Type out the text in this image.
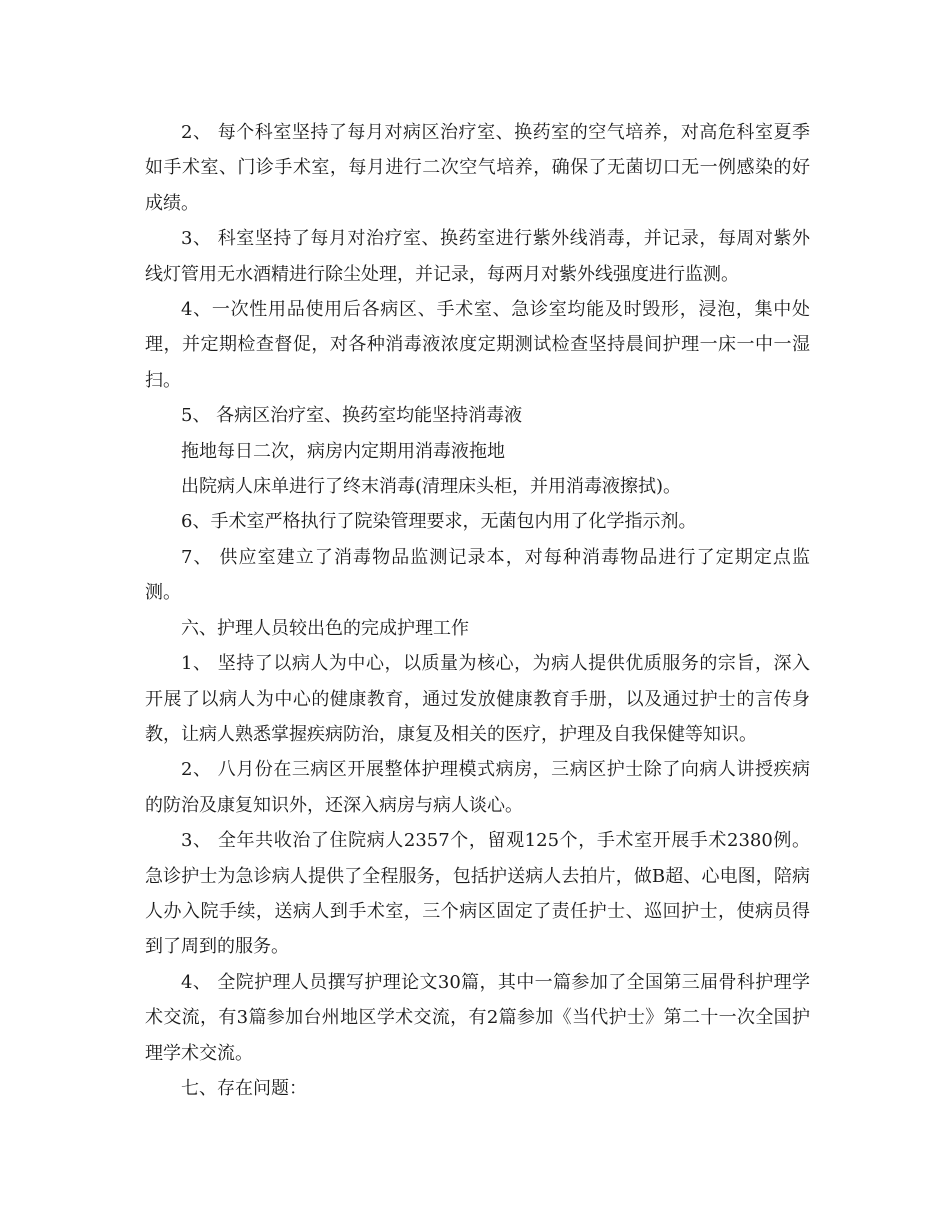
2、 每个科室坚持了每月对病区治疗室、换药室的空气培养，对高危科室夏季如手术室、门诊手术室，每月进行二次空气培养，确保了无菌切口无一例感染的好成绩。

3、 科室坚持了每月对治疗室、换药室进行紫外线消毒，并记录，每周对紫外线灯管用无水酒精进行除尘处理，并记录，每两月对紫外线强度进行监测。

4、一次性用品使用后各病区、手术室、急诊室均能及时毁形，浸泡，集中处理，并定期检查督促，对各种消毒液浓度定期测试检查坚持晨间护理一床一中一湿扫。

5、 各病区治疗室、换药室均能坚持消毒液

拖地每日二次，病房内定期用消毒液拖地

出院病人床单进行了终末消毒(清理床头柜，并用消毒液擦拭)。

6、手术室严格执行了院染管理要求，无菌包内用了化学指示剂。

7、 供应室建立了消毒物品监测记录本，对每种消毒物品进行了定期定点监测。

六、护理人员较出色的完成护理工作

1、 坚持了以病人为中心，以质量为核心，为病人提供优质服务的宗旨，深入开展了以病人为中心的健康教育，通过发放健康教育手册，以及通过护士的言传身教，让病人熟悉掌握疾病防治，康复及相关的医疗，护理及自我保健等知识。

2、 八月份在三病区开展整体护理模式病房，三病区护士除了向病人讲授疾病的防治及康复知识外，还深入病房与病人谈心。

3、 全年共收治了住院病人2357个，留观125个，手术室开展手术2380例。急诊护士为急诊病人提供了全程服务，包括护送病人去拍片，做B超、心电图，陪病人办入院手续，送病人到手术室，三个病区固定了责任护士、巡回护士，使病员得到了周到的服务。

4、 全院护理人员撰写护理论文30篇，其中一篇参加了全国第三届骨科护理学术交流，有3篇参加台州地区学术交流，有2篇参加《当代护士》第二十一次全国护理学术交流。

七、存在问题：
